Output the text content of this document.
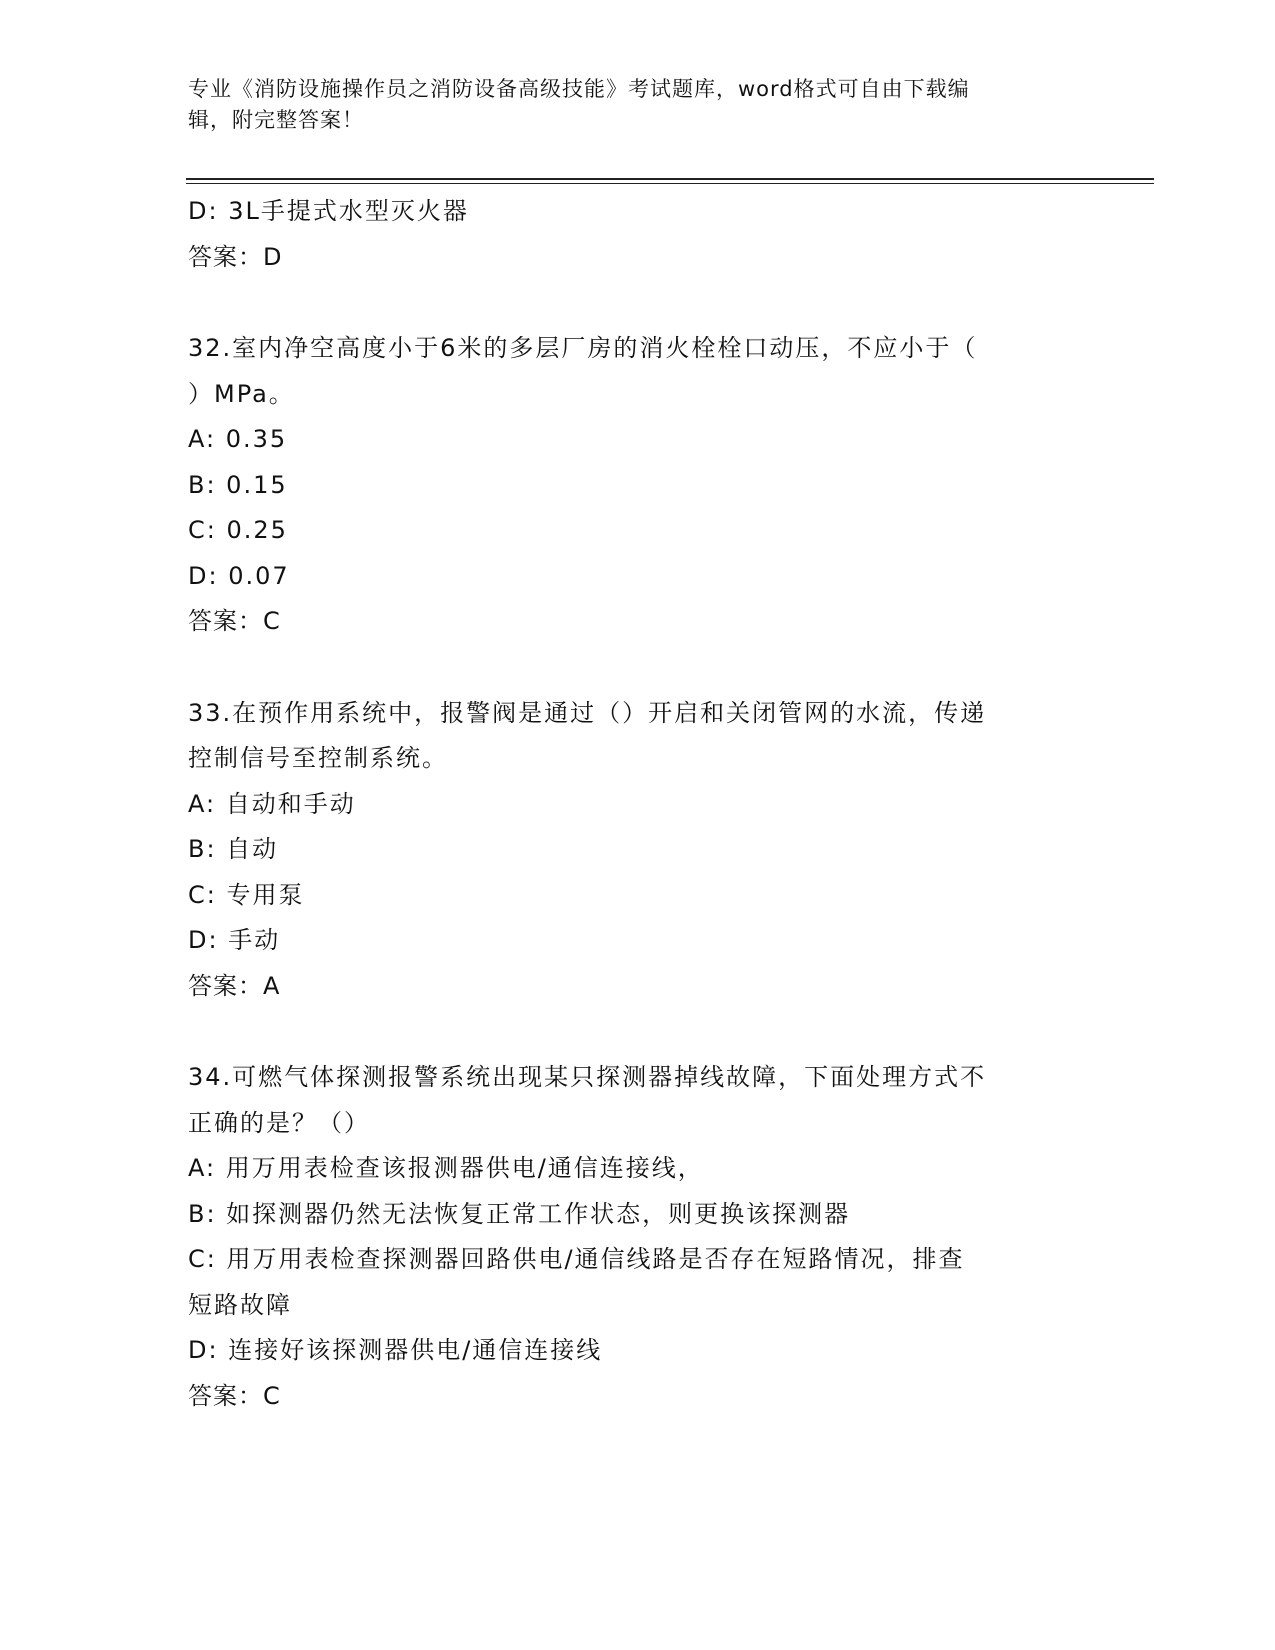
专业《消防设施操作员之消防设备高级技能》考试题库，word格式可自由下载编
辑，附完整答案！
D: 3L手提式水型灭火器
答案：D
32.室内净空高度小于6米的多层厂房的消火栓栓口动压，不应小于（
）MPa。
A: 0.35
B: 0.15
C: 0.25
D: 0.07
答案：C
33.在预作用系统中，报警阀是通过（）开启和关闭管网的水流，传递
控制信号至控制系统。
A: 自动和手动
B: 自动
C: 专用泵
D: 手动
答案：A
34.可燃气体探测报警系统出现某只探测器掉线故障，下面处理方式不
正确的是？（）
A: 用万用表检查该报测器供电/通信连接线，
B: 如探测器仍然无法恢复正常工作状态，则更换该探测器
C: 用万用表检查探测器回路供电/通信线路是否存在短路情况，排查
短路故障
D: 连接好该探测器供电/通信连接线
答案：C
